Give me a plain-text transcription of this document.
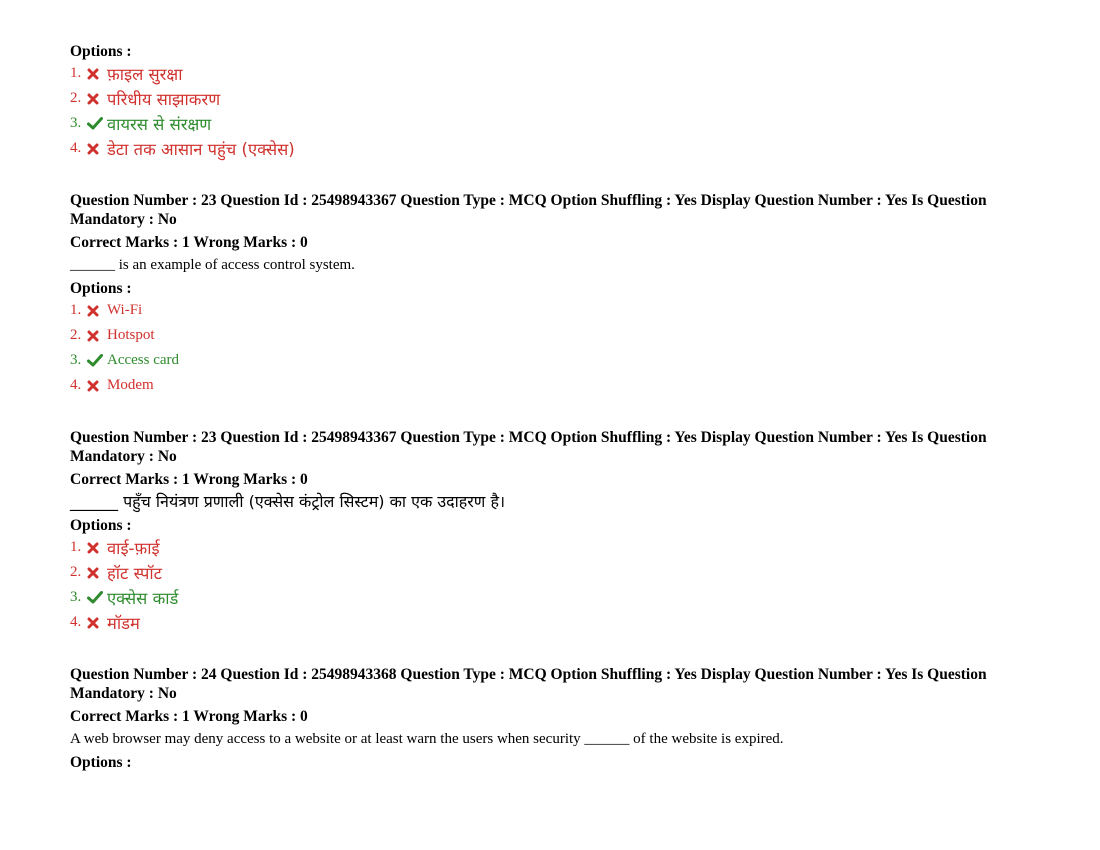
Options :
1.	फ़ाइल सुरक्षा
2.	परिधीय साझाकरण
3.	वायरस से संरक्षण
4.	डेटा तक आसान पहुंच (एक्सेस)
Question Number : 23 Question Id : 25498943367 Question Type : MCQ Option Shuffling : Yes Display Question Number : Yes Is Question Mandatory : No
Correct Marks : 1 Wrong Marks : 0
______ is an example of access control system.
Options :
1.	Wi-Fi
2.	Hotspot
3.	Access card
4.	Modem
Question Number : 23 Question Id : 25498943367 Question Type : MCQ Option Shuffling : Yes Display Question Number : Yes Is Question Mandatory : No
Correct Marks : 1 Wrong Marks : 0
______ पहुँच नियंत्रण प्रणाली (एक्सेस कंट्रोल सिस्टम) का एक उदाहरण है।
Options :
1.	वाई-फ़ाई
2.	हॉट स्पॉट
3.	एक्सेस कार्ड
4.	मॉडम
Question Number : 24 Question Id : 25498943368 Question Type : MCQ Option Shuffling : Yes Display Question Number : Yes Is Question Mandatory : No
Correct Marks : 1 Wrong Marks : 0
A web browser may deny access to a website or at least warn the users when security ______ of the website is expired.
Options :
